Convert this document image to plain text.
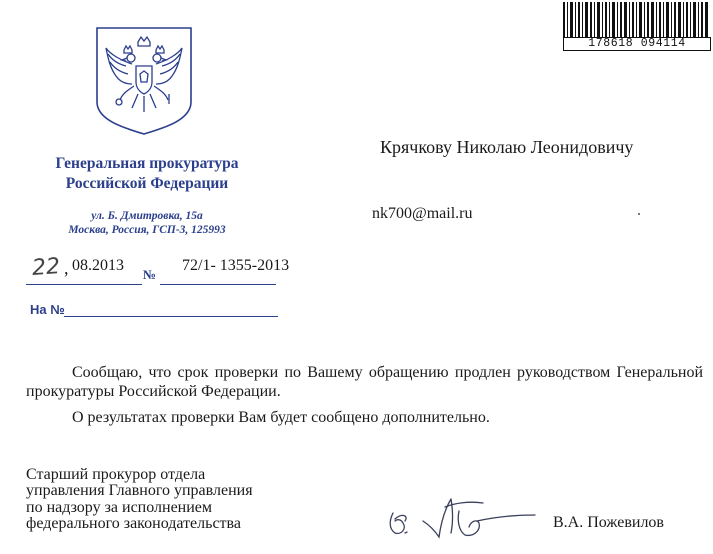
178618 094114
Генеральная прокуратура
Российской Федерации
ул. Б. Дмитровка, 15а
Москва, Россия, ГСП-3, 125993
Крячкову Николаю Леонидовичу
nk700@mail.ru
22 , 08.2013
№
72/1- 1355-2013
На №
Сообщаю, что срок проверки по Вашему обращению продлен руководством Генеральной прокуратуры Российской Федерации.
О результатах проверки Вам будет сообщено дополнительно.
Старший прокурор отдела
управления Главного управления
по надзору за исполнением
федерального законодательства	В.А. Пожевилов
